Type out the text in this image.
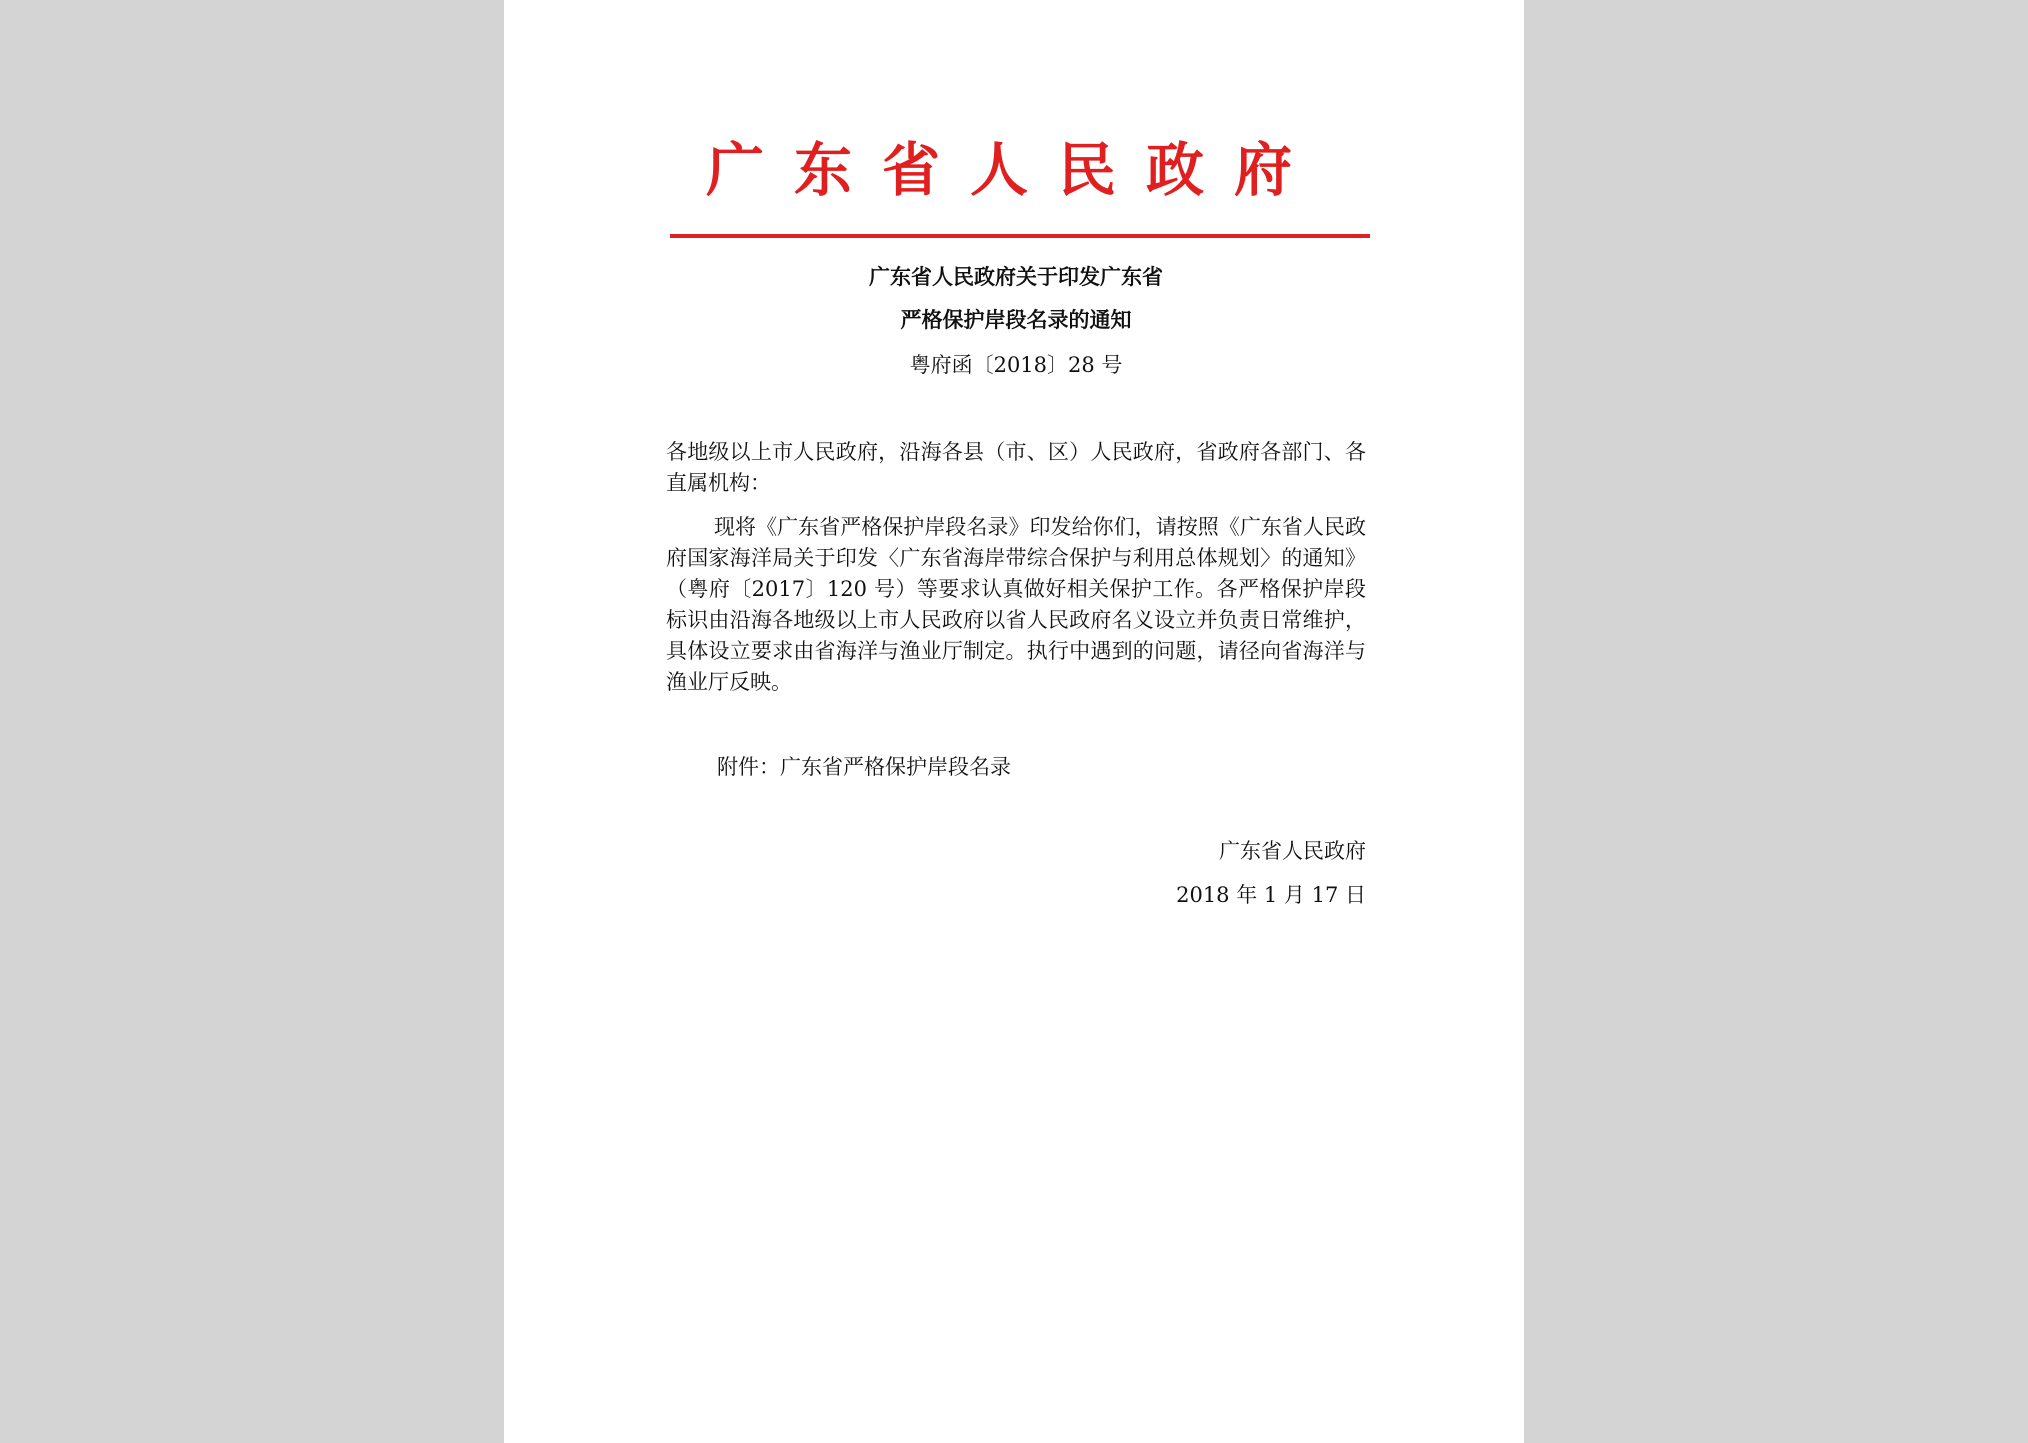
广东省人民政府
广东省人民政府关于印发广东省
严格保护岸段名录的通知
粤府函〔2018〕28 号

各地级以上市人民政府，沿海各县（市、区）人民政府，省政府各部门、各直属机构：

现将《广东省严格保护岸段名录》印发给你们，请按照《广东省人民政府国家海洋局关于印发〈广东省海岸带综合保护与利用总体规划〉的通知》（粤府〔2017〕120 号）等要求认真做好相关保护工作。各严格保护岸段标识由沿海各地级以上市人民政府以省人民政府名义设立并负责日常维护，具体设立要求由省海洋与渔业厅制定。执行中遇到的问题，请径向省海洋与渔业厅反映。

附件：广东省严格保护岸段名录
广东省人民政府
2018 年 1 月 17 日
